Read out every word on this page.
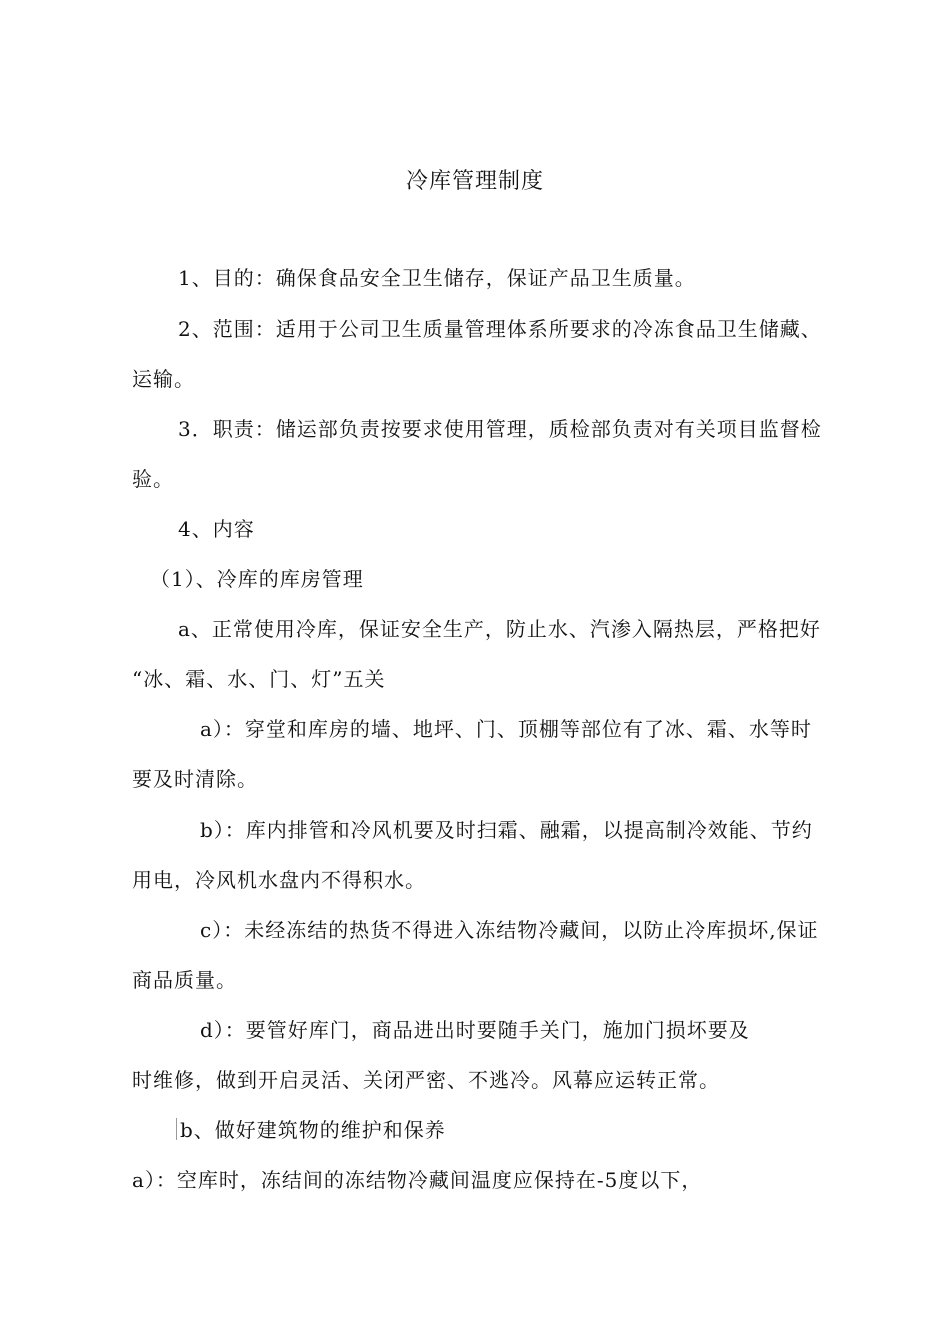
冷库管理制度
1、目的：确保食品安全卫生储存，保证产品卫生质量。
2、范围：适用于公司卫生质量管理体系所要求的冷冻食品卫生储藏、
运输。
3．职责：储运部负责按要求使用管理，质检部负责对有关项目监督检
验。
4、内容
（1）、冷库的库房管理
a、正常使用冷库，保证安全生产，防止水、汽渗入隔热层，严格把好
“冰、霜、水、门、灯”五关
a）：穿堂和库房的墙、地坪、门、顶棚等部位有了冰、霜、水等时
要及时清除。
b）：库内排管和冷风机要及时扫霜、融霜，以提高制冷效能、节约
用电，冷风机水盘内不得积水。
c）：未经冻结的热货不得进入冻结物冷藏间，以防止冷库损坏,保证
商品质量。
d）：要管好库门，商品进出时要随手关门，施加门损坏要及
时维修，做到开启灵活、关闭严密、不逃冷。风幕应运转正常。
b、做好建筑物的维护和保养
a）：空库时，冻结间的冻结物冷藏间温度应保持在-5度以下，
